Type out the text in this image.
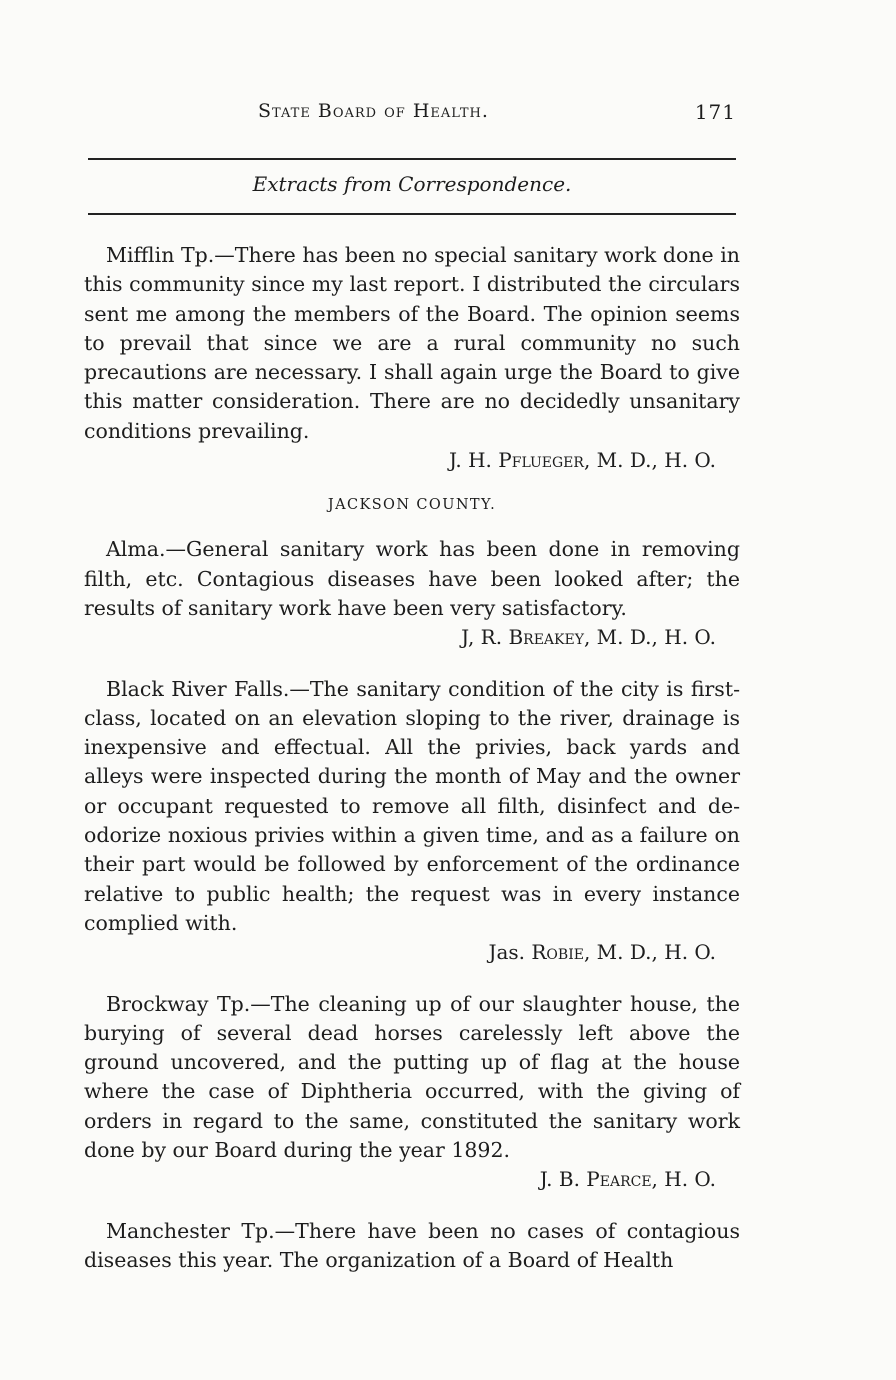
State Board of Health.	171
Extracts from Correspondence.

Mifflin Tp.—There has been no special sanitary work done in this community since my last report. I distributed the circulars sent me among the members of the Board. The opinion seems to prevail that since we are a rural community no such precautions are necessary. I shall again urge the Board to give this matter consideration. There are no decidedly unsanitary conditions prevailing.

J. H. Pflueger, M. D., H. O.

JACKSON COUNTY.

Alma.—General sanitary work has been done in removing filth, etc. Contagious diseases have been looked after; the results of sanitary work have been very satisfactory.

J, R. Breakey, M. D., H. O.

Black River Falls.—The sanitary condition of the city is first-class, located on an elevation sloping to the river, drainage is inexpensive and effectual. All the privies, back yards and alleys were inspected during the month of May and the owner or occupant requested to remove all filth, disinfect and de-odorize noxious privies within a given time, and as a failure on their part would be followed by enforcement of the ordinance relative to public health; the request was in every instance complied with.

Jas. Robie, M. D., H. O.

Brockway Tp.—The cleaning up of our slaughter house, the burying of several dead horses carelessly left above the ground uncovered, and the putting up of flag at the house where the case of Diphtheria occurred, with the giving of orders in regard to the same, constituted the sanitary work done by our Board during the year 1892.

J. B. Pearce, H. O.

Manchester Tp.—There have been no cases of contagious diseases this year. The organization of a Board of Health
